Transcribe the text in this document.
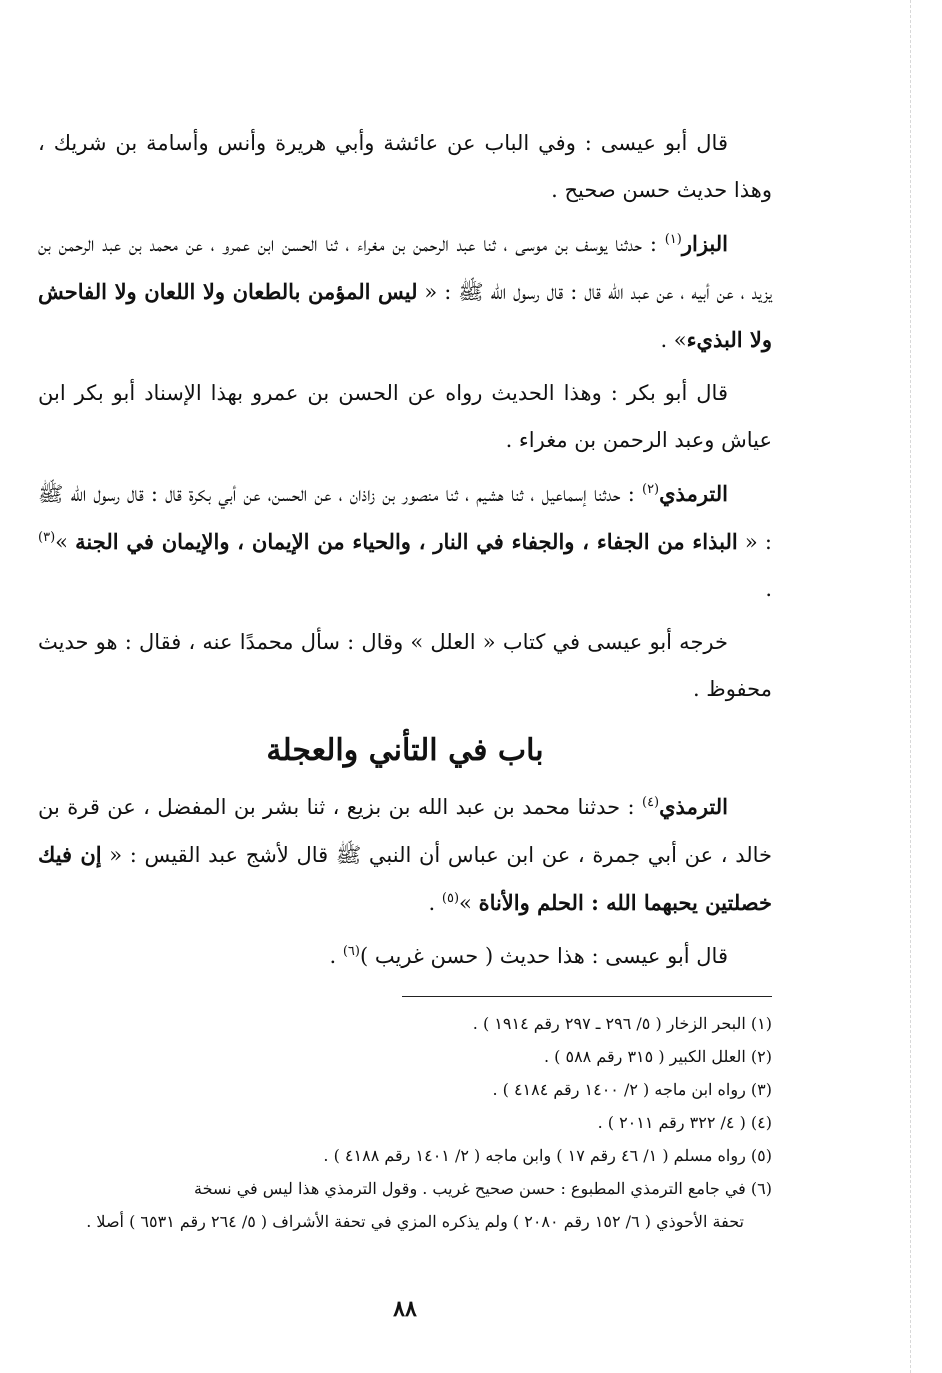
قال أبو عيسى : وفي الباب عن عائشة وأبي هريرة وأنس وأسامة بن شريك ، وهذا حديث حسن صحيح .

البزار$^{(١)}$ : حدثنا يوسف بن موسى ، ثنا عبد الرحمن بن مغراء ، ثنا الحسن ابن عمرو ، عن محمد بن عبد الرحمن بن يزيد ، عن أبيه ، عن عبد الله قال : قال رسول الله ﷺ : « ليس المؤمن بالطعان ولا اللعان ولا الفاحش ولا البذيء» .

قال أبو بكر : وهذا الحديث رواه عن الحسن بن عمرو بهذا الإسناد أبو بكر ابن عياش وعبد الرحمن بن مغراء .

الترمذي$^{(٢)}$ : حدثنا إسماعيل ، ثنا هشيم ، ثنا منصور بن زاذان ، عن الحسن، عن أبي بكرة قال : قال رسول الله ﷺ : « البذاء من الجفاء ، والجفاء في النار ، والحياء من الإيمان ، والإيمان في الجنة »$^{(٣)}$ .

خرجه أبو عيسى في كتاب « العلل » وقال : سأل محمدًا عنه ، فقال : هو حديث محفوظ .

باب في التأني والعجلة

الترمذي$^{(٤)}$ : حدثنا محمد بن عبد الله بن بزيع ، ثنا بشر بن المفضل ، عن قرة بن خالد ، عن أبي جمرة ، عن ابن عباس أن النبي ﷺ قال لأشج عبد القيس : « إن فيك خصلتين يحبهما الله : الحلم والأناة »$^{(٥)}$ .

قال أبو عيسى : هذا حديث ( حسن غريب )$^{(٦)}$ .

(١) البحر الزخار ( ٥/ ٢٩٦ ـ ٢٩٧ رقم ١٩١٤ ) .

(٢) العلل الكبير ( ٣١٥ رقم ٥٨٨ ) .

(٣) رواه ابن ماجه ( ٢/ ١٤٠٠ رقم ٤١٨٤ ) .

(٤) ( ٤/ ٣٢٢ رقم ٢٠١١ ) .

(٥) رواه مسلم ( ١/ ٤٦ رقم ١٧ ) وابن ماجه ( ٢/ ١٤٠١ رقم ٤١٨٨ ) .

(٦) في جامع الترمذي المطبوع : حسن صحيح غريب . وقول الترمذي هذا ليس في نسخة
تحفة الأحوذي ( ٦/ ١٥٢ رقم ٢٠٨٠ ) ولم يذكره المزي في تحفة الأشراف ( ٥/ ٢٦٤ رقم ٦٥٣١ ) أصلا .

٨٨
